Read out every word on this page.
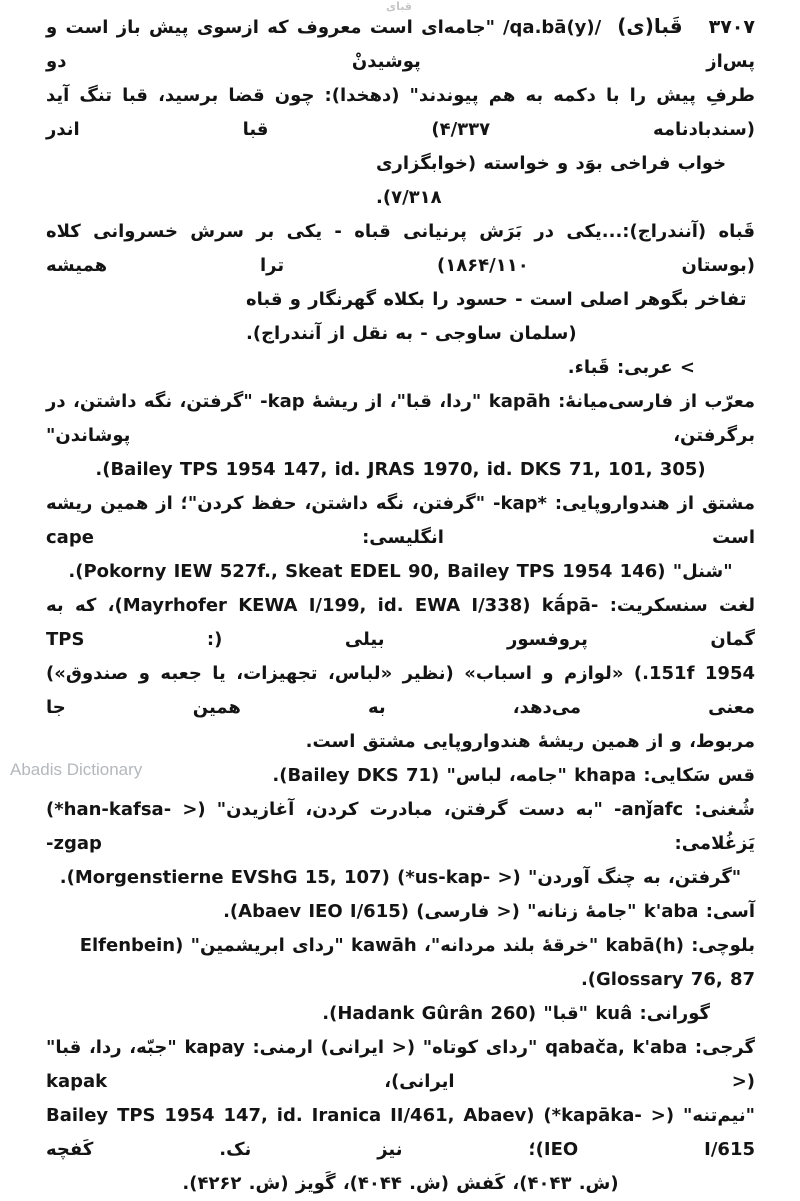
قبای
۳۷۰۷قَبا(ی)/qa.bā(y)/"جامه‌ای است معروف که ازسوی پیش باز است و پس‌از پوشیدنْ دو
طرفِ پیش را با دکمه به هم پیوندند" (دهخدا): چون قضا برسید، قبا تنگ آید (سندبادنامه ۴/۳۳۷) قبا اندر
خواب فراخی بوَد و خواسته (خوابگزاری ۷/۳۱۸).
قَباه (آنندراج):...یکی در بَرَش پرنیانی قباه - یکی بر سرش خسروانی کلاه (بوستان ۱۸۶۴/۱۱۰) ترا همیشه
تفاخر بگوهر اصلی است - حسود را بکلاه گهرنگار و قباه (سلمان ساوجی - به نقل از آنندراج).
> عربی: قَباء.
معرّب از فارسی‌میانهٔ: kapāh "ردا، قبا"، از ریشهٔ kap- "گرفتن، نگه داشتن، در برگرفتن، پوشاندن"
(Bailey TPS 1954 147, id. JRAS 1970, id. DKS 71, 101, 305).
مشتق از هندواروپایی: *kap- "گرفتن، نگه داشتن، حفظ کردن"؛ از همین ریشه است انگلیسی: cape
"شنل" (Pokorny IEW 527f., Skeat EDEL 90, Bailey TPS 1954 146).
لغت سنسکریت: kā́pā-‎‏ (Mayrhofer KEWA I/199, id. EWA I/338)، که به گمان پروفسور بیلی (: TPS
1954 151f.) «لوازم و اسباب» (نظیر «لباس، تجهیزات، یا جعبه و صندوق») معنی می‌دهد، به همین جا
مربوط، و از همین ریشهٔ هندواروپایی مشتق است.
قس سَکایی: khapa "جامه، لباس" (Bailey DKS 71).
شُغنی: anǰafc- "به دست گرفتن، مبادرت کردن، آغازیدن" (< ‎*han-kafsa-‎) یَزغُلامی: zgap-
"گرفتن، به چنگ آوردن" (< ‎*us-kap-‎)‏ (Morgenstierne EVShG 15, 107).
آسی: k'aba "جامهٔ زنانه" (< فارسی) (Abaev IEO I/615).
بلوچی: kabā(h) "خرقهٔ بلند مردانه"، kawāh "ردای ابریشمین" (Elfenbein Glossary 76, 87).
گورانی: kuâ "قبا" (Hadank Gûrân 260).
گرجی: qabača, k'aba "ردای کوتاه" (< ایرانی) ارمنی: kapay "جبّه، ردا، قبا" (< ایرانی)، kapak
"نیم‌تنه" (< ‎*kapāka-‎)‏ (Bailey TPS 1954 147, id. Iranica II/461, Abaev IEO I/615)؛ نیز نک. کَفچه
(ش. ۴۰۴۳)، کَفش (ش. ۴۰۴۴)، گَویز (ش. ۴۲۶۲).
Abadis Dictionary
